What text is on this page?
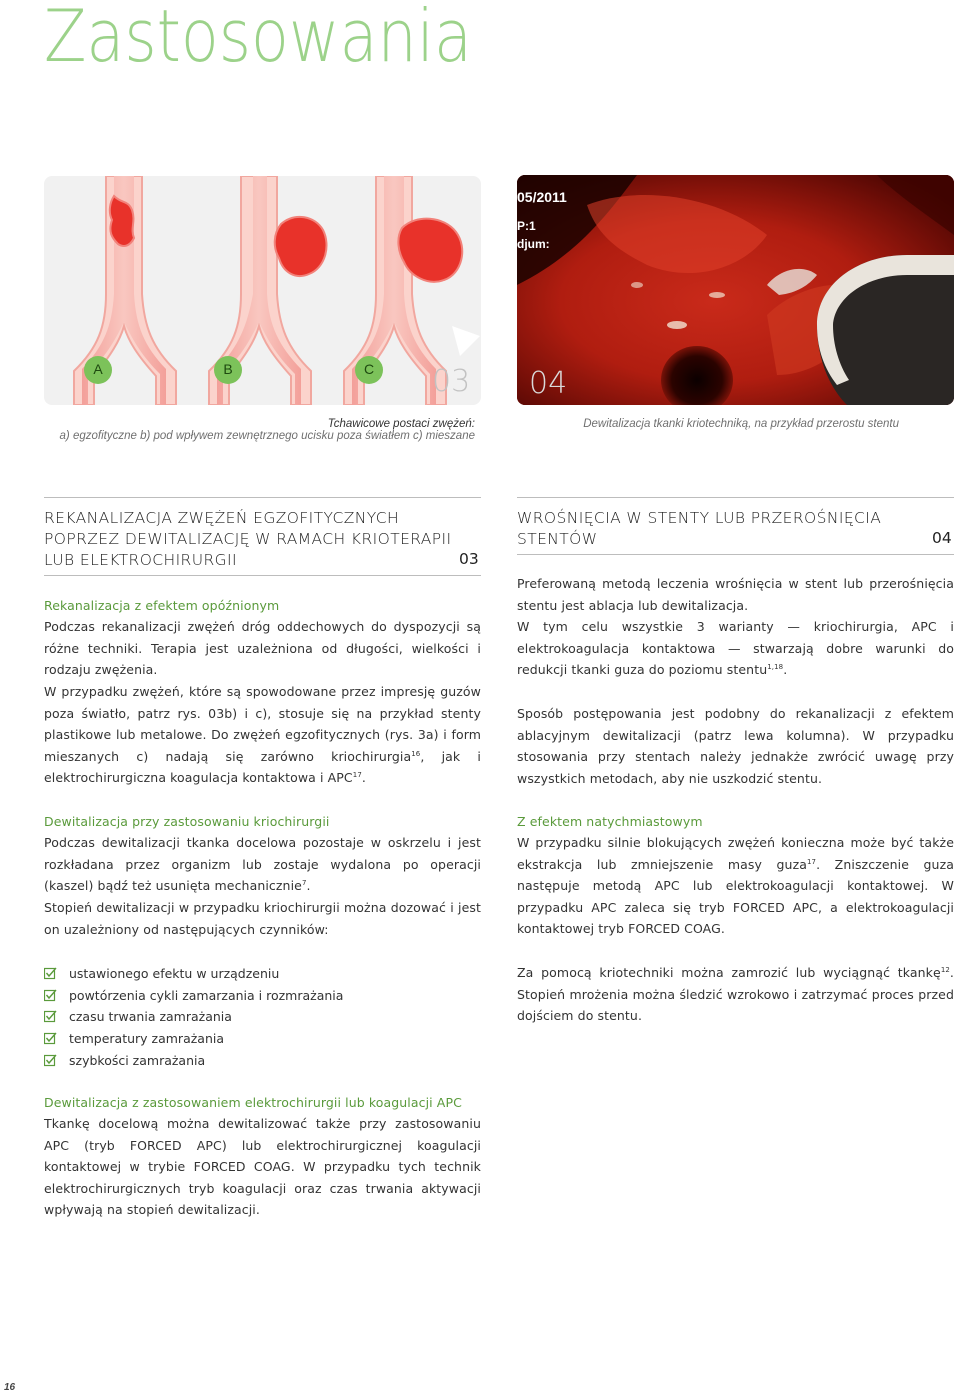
Zastosowania
A	B	C 03
05/2011
P:1
djum:
04
Tchawicowe postaci zwężeń:
a) egzofityczne b) pod wpływem zewnętrznego ucisku poza światłem c) mieszane
Dewitalizacja tkanki kriotechniką, na przykład przerostu stentu
REKANALIZACJA ZWĘŻEŃ EGZOFITYCZNYCH
POPRZEZ DEWITALIZACJĘ W RAMACH KRIOTERAPII
LUB ELEKTROCHIRURGII	03
Rekanalizacja z efektem opóźnionym
Podczas rekanalizacji zwężeń dróg oddechowych do dyspozycji są różne techniki. Terapia jest uzależniona od długości, wielkości i rodzaju zwężenia.
W przypadku zwężeń, które są spowodowane przez impresję guzów poza światło, patrz rys. 03b) i c), stosuje się na przykład stenty plastikowe lub metalowe. Do zwężeń egzofitycznych (rys. 3a) i form mieszanych c) nadają się zarówno kriochirurgia$^{16}$, jak i elektrochirurgiczna koagulacja kontaktowa i APC$^{17}$.
Dewitalizacja przy zastosowaniu kriochirurgii
Podczas dewitalizacji tkanka docelowa pozostaje w oskrzelu i jest rozkładana przez organizm lub zostaje wydalona po operacji (kaszel) bądź też usunięta mechanicznie$^7$.
Stopień dewitalizacji w przypadku kriochirurgii można dozować i jest on uzależniony od następujących czynników:
ustawionego efektu w urządzeniu
powtórzenia cykli zamarzania i rozmrażania
czasu trwania zamrażania
temperatury zamrażania
szybkości zamrażania
Dewitalizacja z zastosowaniem elektrochirurgii lub koagulacji APC
Tkankę docelową można dewitalizować także przy zastosowaniu APC (tryb FORCED APC) lub elektrochirurgicznej koagulacji kontaktowej w trybie FORCED COAG. W przypadku tych technik elektrochirurgicznych tryb koagulacji oraz czas trwania aktywacji wpływają na stopień dewitalizacji.
WROŚNIĘCIA W STENTY LUB PRZEROŚNIĘCIA
STENTÓW	04
Preferowaną metodą leczenia wrośnięcia w stent lub przerośnięcia stentu jest ablacja lub dewitalizacja.
W tym celu wszystkie 3 warianty — kriochirurgia, APC i elektrokoagulacja kontaktowa — stwarzają dobre warunki do redukcji tkanki guza do poziomu stentu$^{1,18}$.
Sposób postępowania jest podobny do rekanalizacji z efektem ablacyjnym dewitalizacji (patrz lewa kolumna). W przypadku stosowania przy stentach należy jednakże zwrócić uwagę przy wszystkich metodach, aby nie uszkodzić stentu.
Z efektem natychmiastowym
W przypadku silnie blokujących zwężeń konieczna może być także ekstrakcja lub zmniejszenie masy guza$^{17}$. Zniszczenie guza następuje metodą APC lub elektrokoagulacji kontaktowej. W przypadku APC zaleca się tryb FORCED APC, a elektrokoagulacji kontaktowej tryb FORCED COAG.
Za pomocą kriotechniki można zamrozić lub wyciągnąć tkankę$^{12}$. Stopień mrożenia można śledzić wzrokowo i zatrzymać proces przed dojściem do stentu.
16
